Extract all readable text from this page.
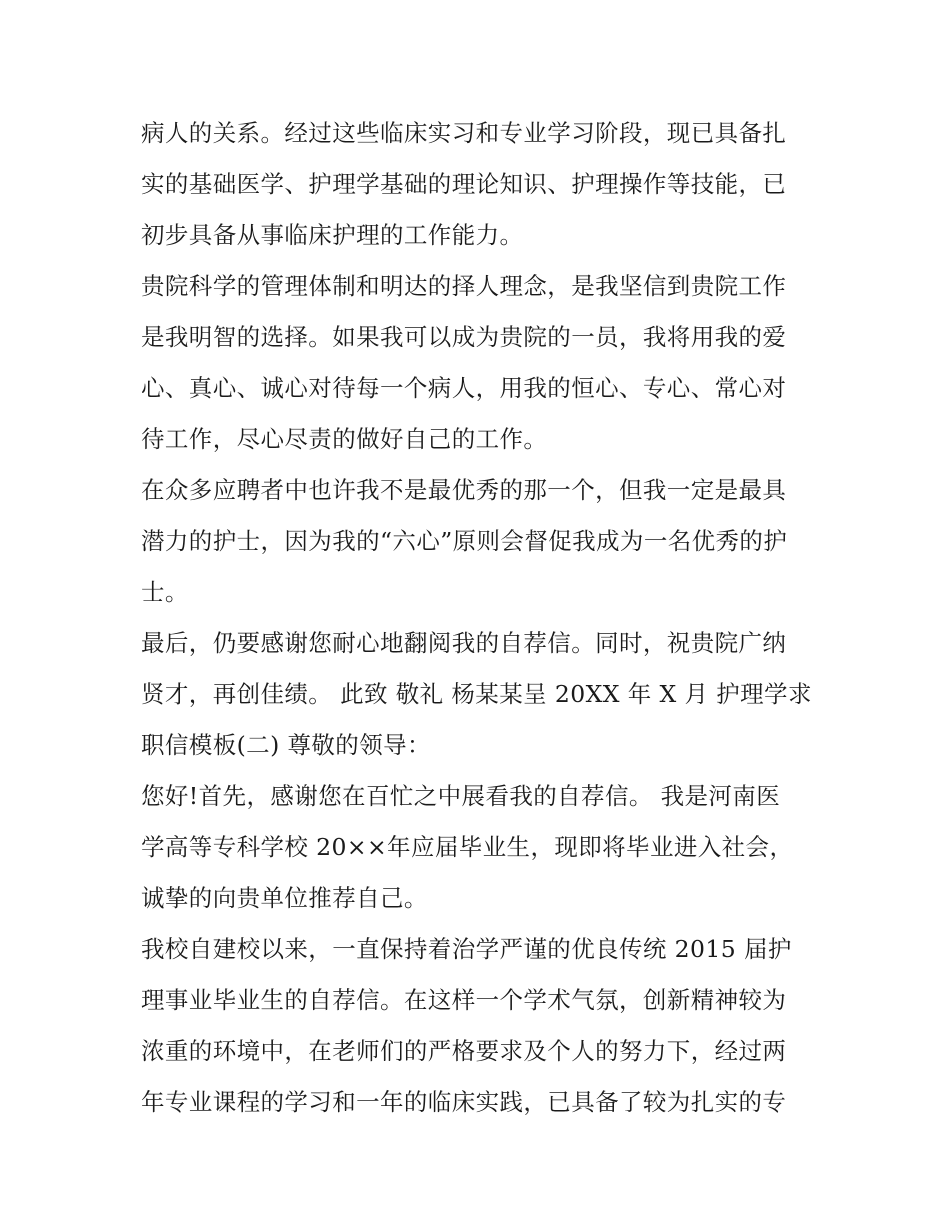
病人的关系。经过这些临床实习和专业学习阶段，现已具备扎
实的基础医学、护理学基础的理论知识、护理操作等技能，已
初步具备从事临床护理的工作能力。
贵院科学的管理体制和明达的择人理念，是我坚信到贵院工作
是我明智的选择。如果我可以成为贵院的一员，我将用我的爱
心、真心、诚心对待每一个病人，用我的恒心、专心、常心对
待工作，尽心尽责的做好自己的工作。
在众多应聘者中也许我不是最优秀的那一个，但我一定是最具
潜力的护士，因为我的“六心”原则会督促我成为一名优秀的护
士。
最后，仍要感谢您耐心地翻阅我的自荐信。同时，祝贵院广纳
贤才，再创佳绩。 此致 敬礼 杨某某呈 20XX 年 X 月 护理学求
职信模板(二) 尊敬的领导：
您好!首先，感谢您在百忙之中展看我的自荐信。 我是河南医
学高等专科学校 20××年应届毕业生，现即将毕业进入社会，
诚挚的向贵单位推荐自己。
我校自建校以来，一直保持着治学严谨的优良传统 2015 届护
理事业毕业生的自荐信。在这样一个学术气氛，创新精神较为
浓重的环境中，在老师们的严格要求及个人的努力下，经过两
年专业课程的学习和一年的临床实践，已具备了较为扎实的专
